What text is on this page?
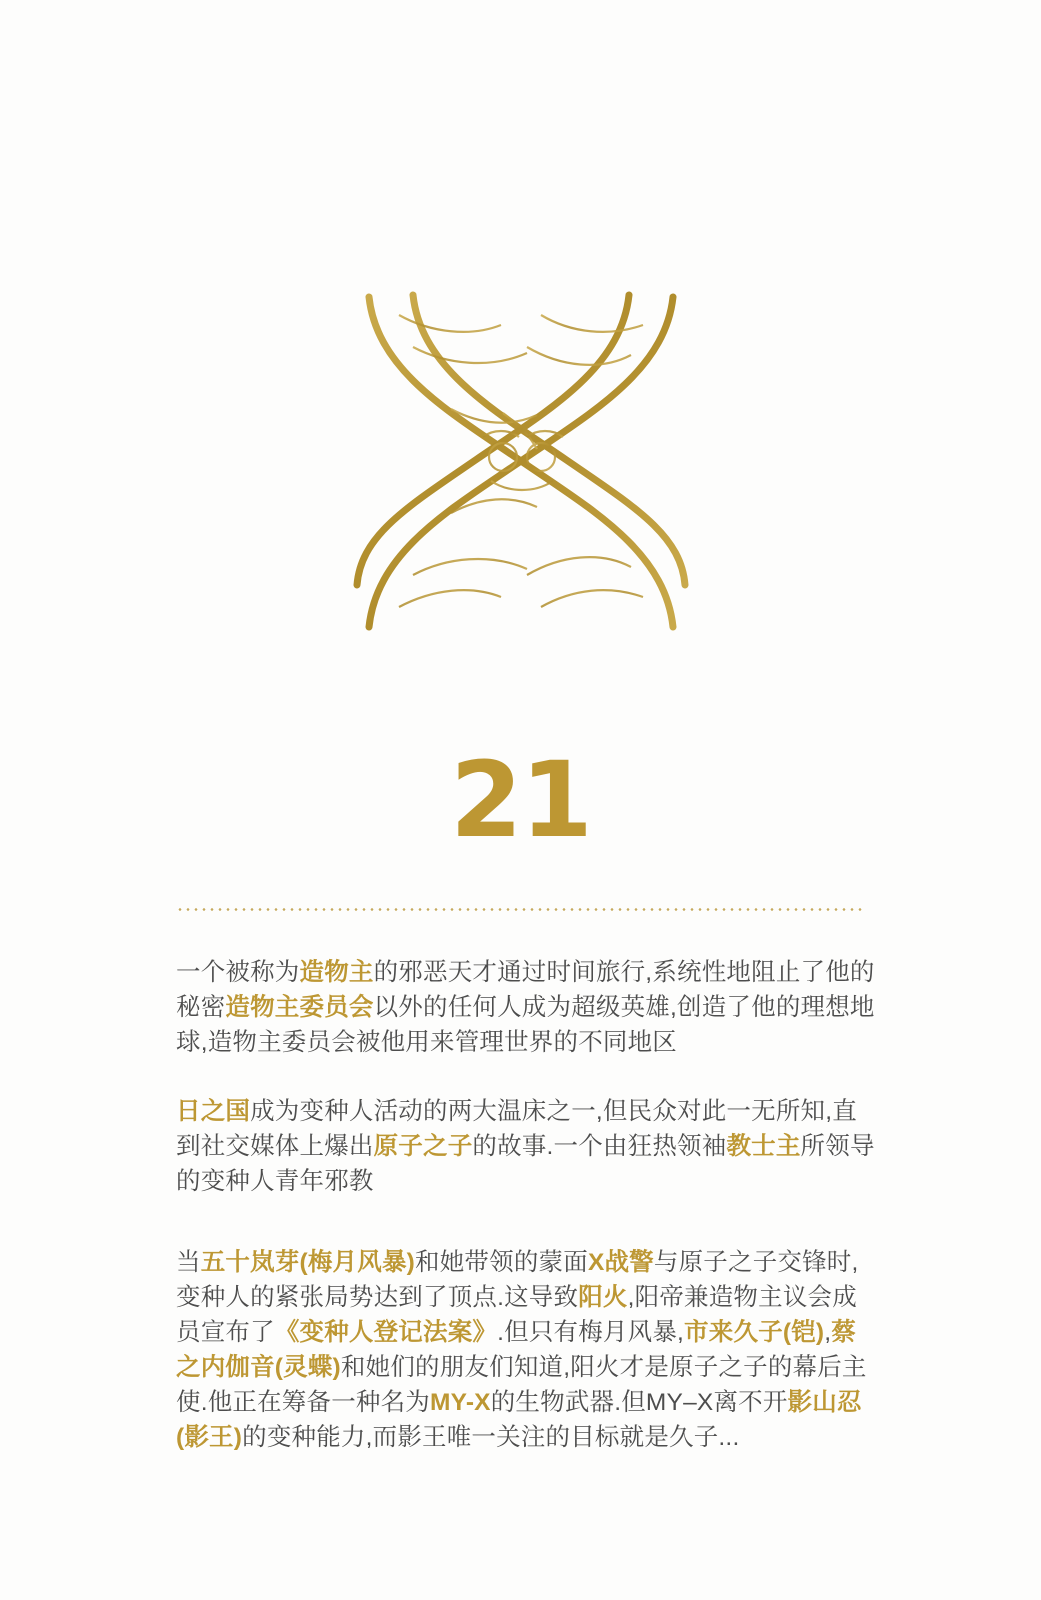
21

一个被称为造物主的邪恶天才通过时间旅行,系统性地阻止了他的秘密造物主委员会以外的任何人成为超级英雄,创造了他的理想地球,造物主委员会被他用来管理世界的不同地区

日之国成为变种人活动的两大温床之一,但民众对此一无所知,直到社交媒体上爆出原子之子的故事.一个由狂热领袖教士主所领导的变种人青年邪教

当五十岚芽(梅月风暴)和她带领的蒙面X战警与原子之子交锋时,变种人的紧张局势达到了顶点.这导致阳火,阳帝兼造物主议会成员宣布了《变种人登记法案》.但只有梅月风暴,市来久子(铠),蔡之内伽音(灵蝶)和她们的朋友们知道,阳火才是原子之子的幕后主使.他正在筹备一种名为MY-X的生物武器.但MY–X离不开影山忍(影王)的变种能力,而影王唯一关注的目标就是久子...
